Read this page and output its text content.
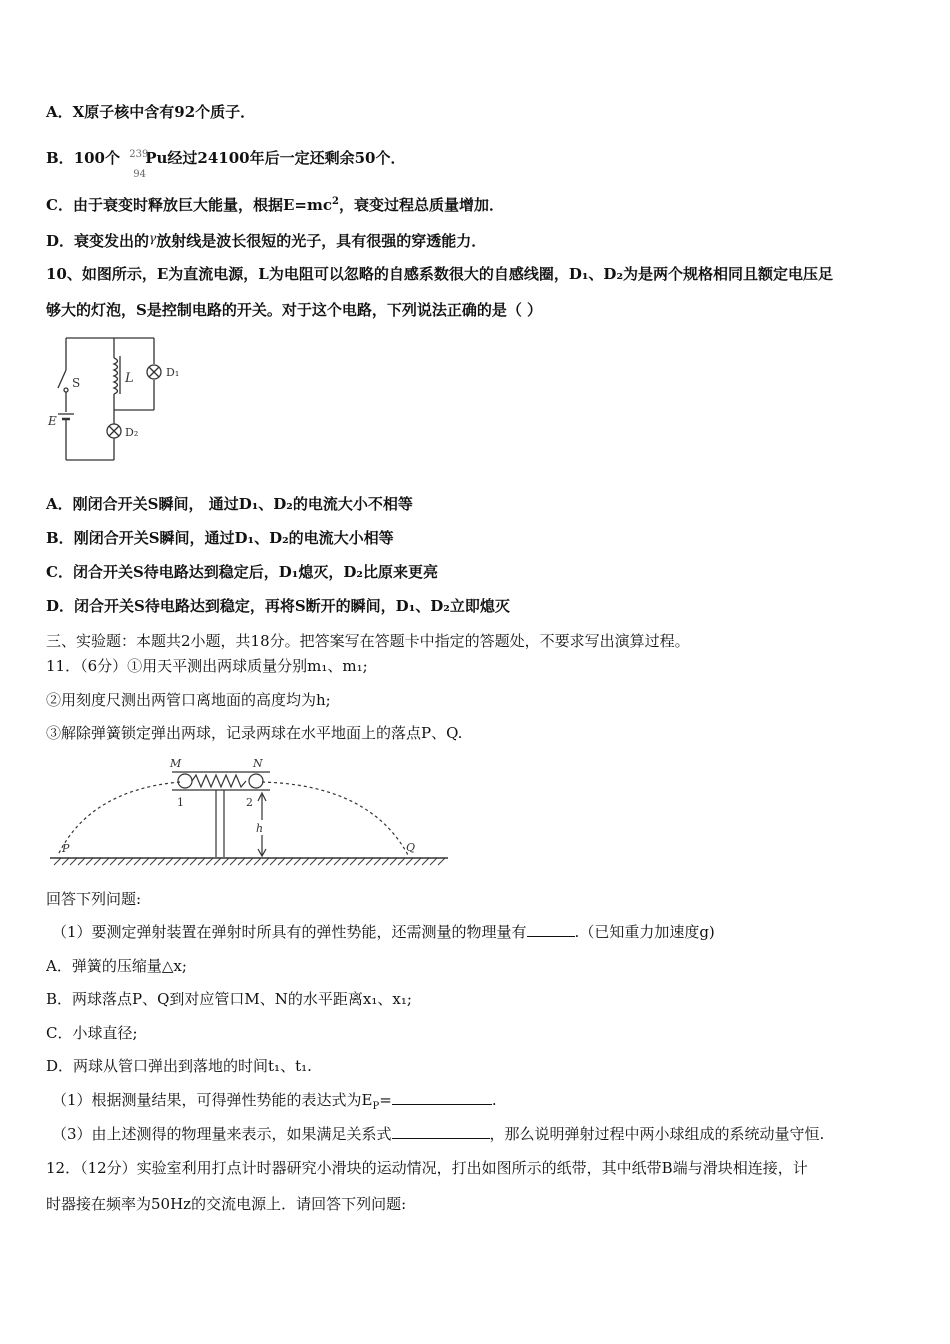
A．X原子核中含有92个质子．
B．100个 239
94
Pu经过24100年后一定还剩余50个．
C．由于衰变时释放巨大能量，根据$E=mc^2$，衰变过程总质量增加．
D．衰变发出的$^\gamma$放射线是波长很短的光子，具有很强的穿透能力．
10、如图所示，E为直流电源，L为电阻可以忽略的自感系数很大的自感线圈，D₁、D₂为是两个规格相同且额定电压足
够大的灯泡，S是控制电路的开关。对于这个电路，下列说法正确的是（ ）
S	L	D₁
E
D₂
A．刚闭合开关S瞬间， 通过D₁、D₂的电流大小不相等
B．刚闭合开关S瞬间，通过D₁、D₂的电流大小相等
C．闭合开关S待电路达到稳定后，D₁熄灭，D₂比原来更亮
D．闭合开关S待电路达到稳定，再将S断开的瞬间，D₁、D₂立即熄灭
三、实验题：本题共2小题，共18分。把答案写在答题卡中指定的答题处，不要求写出演算过程。
11．（6分）①用天平测出两球质量分别m₁、m₁;
②用刻度尺测出两管口离地面的高度均为h;
③解除弹簧锁定弹出两球，记录两球在水平地面上的落点P、Q.
M	N
1	2
h
P	Q
回答下列问题:
（1）要测定弹射装置在弹射时所具有的弹性势能，还需测量的物理量有	.（已知重力加速度g)
A．弹簧的压缩量△x;
B．两球落点P、Q到对应管口M、N的水平距离x₁、x₁;
C．小球直径;
D．两球从管口弹出到落地的时间t₁、t₁.
（1）根据测量结果，可得弹性势能的表达式为$E_P=$	.
（3）由上述测得的物理量来表示，如果满足关系式	，那么说明弹射过程中两小球组成的系统动量守恒.
12．（12分）实验室利用打点计时器研究小滑块的运动情况，打出如图所示的纸带，其中纸带B端与滑块相连接，计
时器接在频率为50Hz的交流电源上．请回答下列问题:
